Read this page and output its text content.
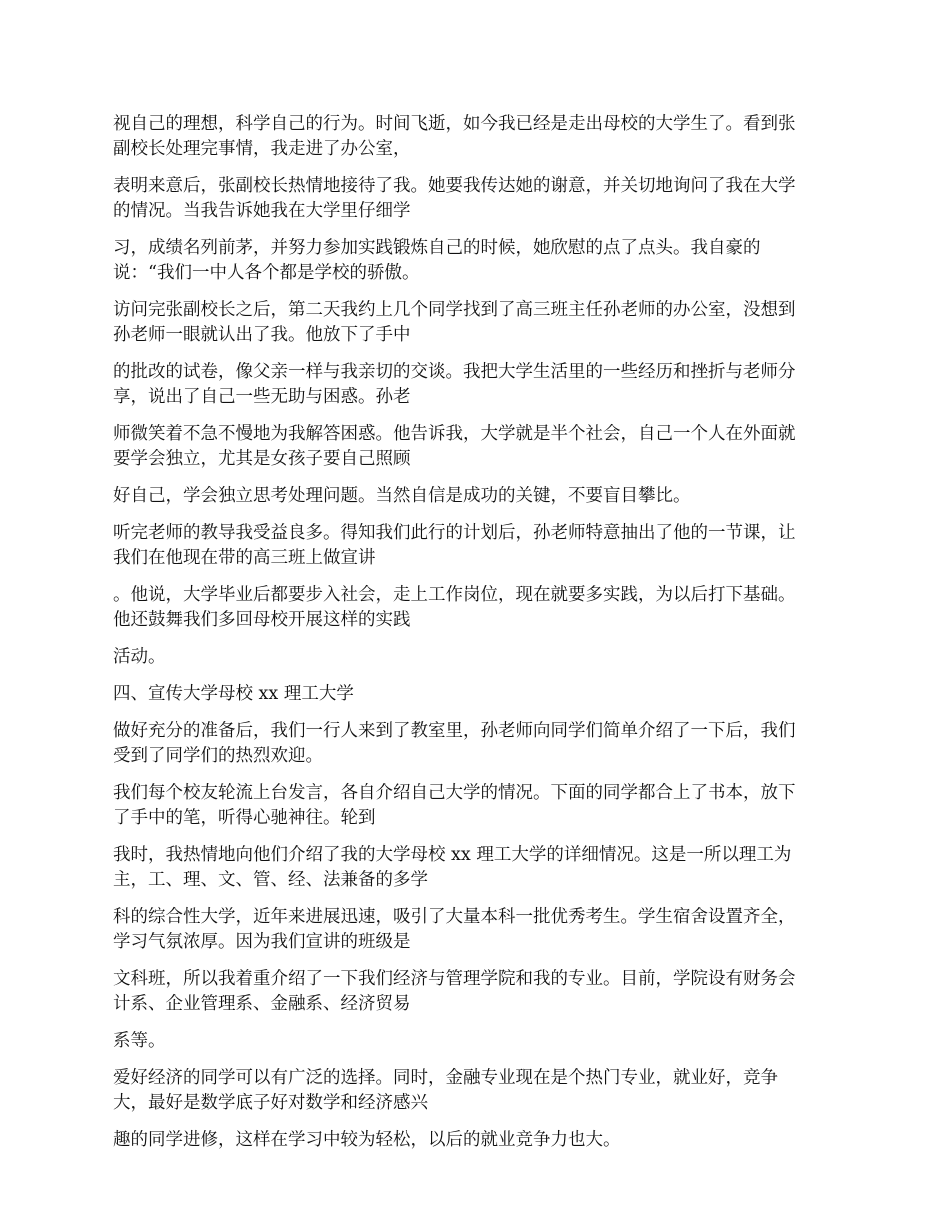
视自己的理想，科学自己的行为。时间飞逝，如今我已经是走出母校的大学生了。看到张
副校长处理完事情，我走进了办公室，

表明来意后，张副校长热情地接待了我。她要我传达她的谢意，并关切地询问了我在大学
的情况。当我告诉她我在大学里仔细学

习，成绩名列前茅，并努力参加实践锻炼自己的时候，她欣慰的点了点头。我自豪的
说：“我们一中人各个都是学校的骄傲。

访问完张副校长之后，第二天我约上几个同学找到了高三班主任孙老师的办公室，没想到
孙老师一眼就认出了我。他放下了手中

的批改的试卷，像父亲一样与我亲切的交谈。我把大学生活里的一些经历和挫折与老师分
享，说出了自己一些无助与困惑。孙老

师微笑着不急不慢地为我解答困惑。他告诉我，大学就是半个社会，自己一个人在外面就
要学会独立，尤其是女孩子要自己照顾

好自己，学会独立思考处理问题。当然自信是成功的关键，不要盲目攀比。

听完老师的教导我受益良多。得知我们此行的计划后，孙老师特意抽出了他的一节课，让
我们在他现在带的高三班上做宣讲

。他说，大学毕业后都要步入社会，走上工作岗位，现在就要多实践，为以后打下基础。
他还鼓舞我们多回母校开展这样的实践

活动。

四、宣传大学母校 xx 理工大学

做好充分的准备后，我们一行人来到了教室里，孙老师向同学们简单介绍了一下后，我们
受到了同学们的热烈欢迎。

我们每个校友轮流上台发言，各自介绍自己大学的情况。下面的同学都合上了书本，放下
了手中的笔，听得心驰神往。轮到

我时，我热情地向他们介绍了我的大学母校 xx 理工大学的详细情况。这是一所以理工为
主，工、理、文、管、经、法兼备的多学

科的综合性大学，近年来进展迅速，吸引了大量本科一批优秀考生。学生宿舍设置齐全，
学习气氛浓厚。因为我们宣讲的班级是

文科班，所以我着重介绍了一下我们经济与管理学院和我的专业。目前，学院设有财务会
计系、企业管理系、金融系、经济贸易

系等。

爱好经济的同学可以有广泛的选择。同时，金融专业现在是个热门专业，就业好，竞争
大，最好是数学底子好对数学和经济感兴

趣的同学进修，这样在学习中较为轻松，以后的就业竞争力也大。
